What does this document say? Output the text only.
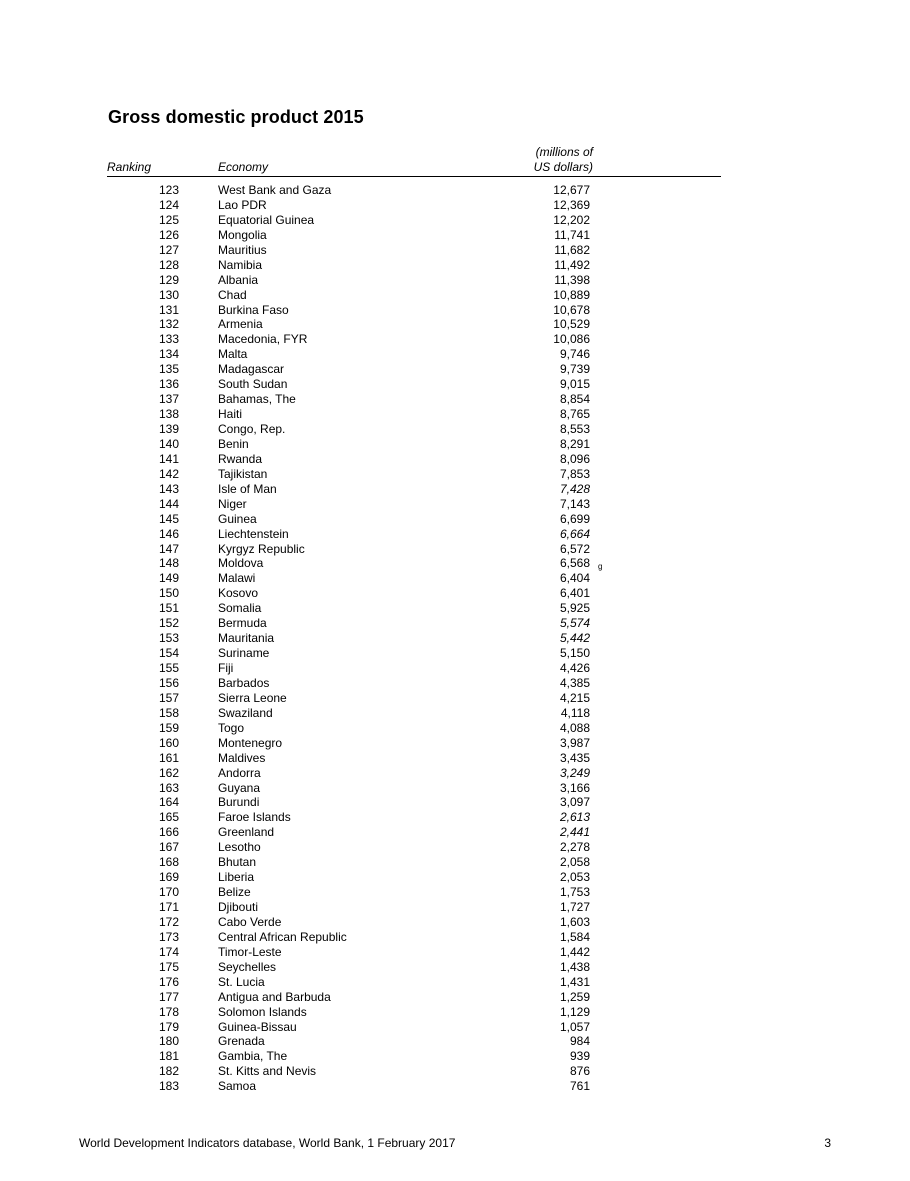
Gross domestic product 2015
(millions of
US dollars)
Ranking	Economy
123	West Bank and Gaza	12,677
124	Lao PDR	12,369
125	Equatorial Guinea	12,202
126	Mongolia	11,741
127	Mauritius	11,682
128	Namibia	11,492
129	Albania	11,398
130	Chad	10,889
131	Burkina Faso	10,678
132	Armenia	10,529
133	Macedonia, FYR	10,086
134	Malta	9,746
135	Madagascar	9,739
136	South Sudan	9,015
137	Bahamas, The	8,854
138	Haiti	8,765
139	Congo, Rep.	8,553
140	Benin	8,291
141	Rwanda	8,096
142	Tajikistan	7,853
143	Isle of Man	7,428
144	Niger	7,143
145	Guinea	6,699
146	Liechtenstein	6,664
147	Kyrgyz Republic	6,572
148	Moldova	6,568 g
149	Malawi	6,404
150	Kosovo	6,401
151	Somalia	5,925
152	Bermuda	5,574
153	Mauritania	5,442
154	Suriname	5,150
155	Fiji	4,426
156	Barbados	4,385
157	Sierra Leone	4,215
158	Swaziland	4,118
159	Togo	4,088
160	Montenegro	3,987
161	Maldives	3,435
162	Andorra	3,249
163	Guyana	3,166
164	Burundi	3,097
165	Faroe Islands	2,613
166	Greenland	2,441
167	Lesotho	2,278
168	Bhutan	2,058
169	Liberia	2,053
170	Belize	1,753
171	Djibouti	1,727
172	Cabo Verde	1,603
173	Central African Republic	1,584
174	Timor-Leste	1,442
175	Seychelles	1,438
176	St. Lucia	1,431
177	Antigua and Barbuda	1,259
178	Solomon Islands	1,129
179	Guinea-Bissau	1,057
180	Grenada	984
181	Gambia, The	939
182	St. Kitts and Nevis	876
183	Samoa	761
World Development Indicators database, World Bank, 1 February 2017	3
